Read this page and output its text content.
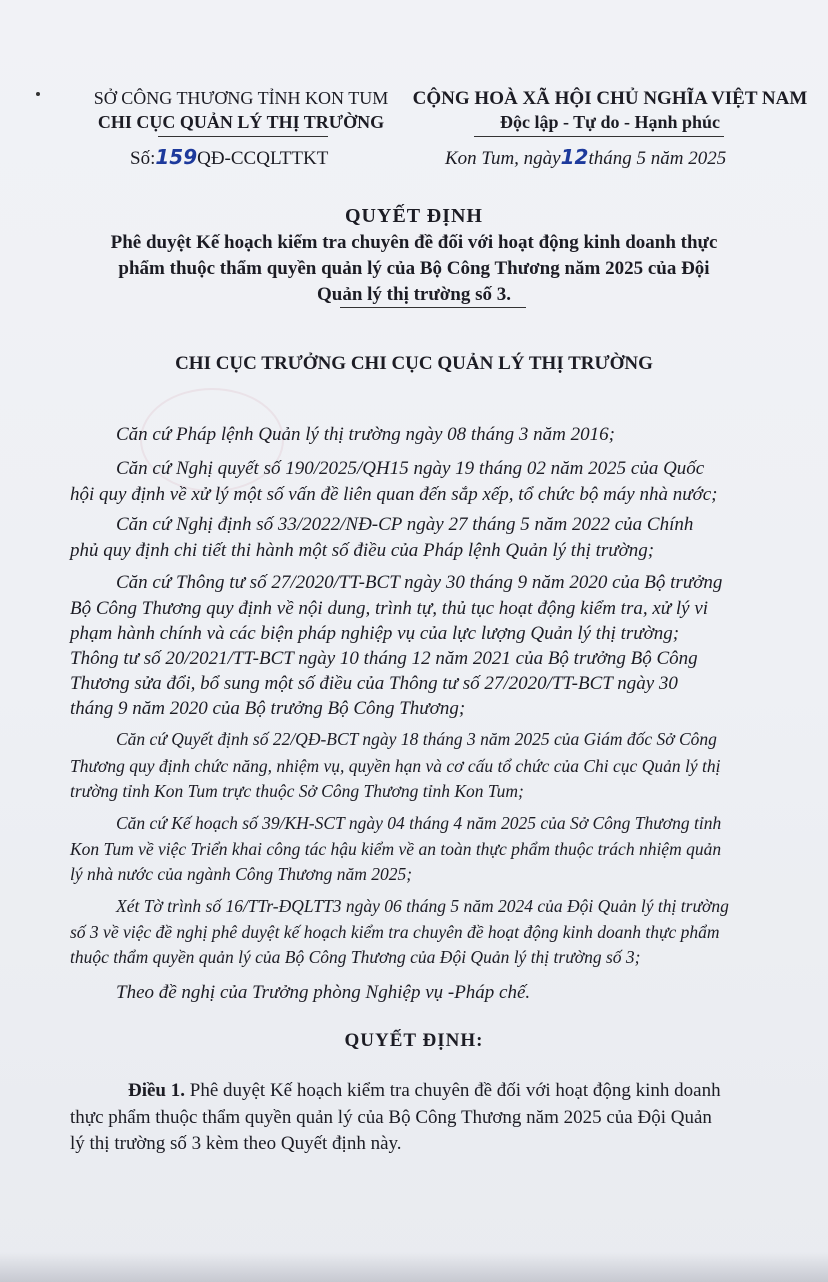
SỞ CÔNG THƯƠNG TỈNH KON TUM
CHI CỤC QUẢN LÝ THỊ TRƯỜNG
CỘNG HOÀ XÃ HỘI CHỦ NGHĨA VIỆT NAM
Độc lập - Tự do - Hạnh phúc
Số:159QĐ-CCQLTTKT	Kon Tum, ngày12tháng 5 năm 2025
QUYẾT ĐỊNH
Phê duyệt Kế hoạch kiểm tra chuyên đề đối với hoạt động kinh doanh thực
phẩm thuộc thẩm quyền quản lý của Bộ Công Thương năm 2025 của Đội
Quản lý thị trường số 3.
CHI CỤC TRƯỞNG CHI CỤC QUẢN LÝ THỊ TRƯỜNG
Căn cứ Pháp lệnh Quản lý thị trường ngày 08 tháng 3 năm 2016;
Căn cứ Nghị quyết số 190/2025/QH15 ngày 19 tháng 02 năm 2025 của Quốc
hội quy định về xử lý một số vấn đề liên quan đến sắp xếp, tổ chức bộ máy nhà nước;
Căn cứ Nghị định số 33/2022/NĐ-CP ngày 27 tháng 5 năm 2022 của Chính
phủ quy định chi tiết thi hành một số điều của Pháp lệnh Quản lý thị trường;
Căn cứ Thông tư số 27/2020/TT-BCT ngày 30 tháng 9 năm 2020 của Bộ trưởng
Bộ Công Thương quy định về nội dung, trình tự, thủ tục hoạt động kiểm tra, xử lý vi
phạm hành chính và các biện pháp nghiệp vụ của lực lượng Quản lý thị trường;
Thông tư số 20/2021/TT-BCT ngày 10 tháng 12 năm 2021 của Bộ trưởng Bộ Công
Thương sửa đổi, bổ sung một số điều của Thông tư số 27/2020/TT-BCT ngày 30
tháng 9 năm 2020 của Bộ trưởng Bộ Công Thương;
Căn cứ Quyết định số 22/QĐ-BCT ngày 18 tháng 3 năm 2025 của Giám đốc Sở Công
Thương quy định chức năng, nhiệm vụ, quyền hạn và cơ cấu tổ chức của Chi cục Quản lý thị
trường tỉnh Kon Tum trực thuộc Sở Công Thương tỉnh Kon Tum;
Căn cứ Kế hoạch số 39/KH-SCT ngày 04 tháng 4 năm 2025 của Sở Công Thương tỉnh
Kon Tum về việc Triển khai công tác hậu kiểm về an toàn thực phẩm thuộc trách nhiệm quản
lý nhà nước của ngành Công Thương năm 2025;
Xét Tờ trình số 16/TTr-ĐQLTT3 ngày 06 tháng 5 năm 2024 của Đội Quản lý thị trường
số 3 về việc đề nghị phê duyệt kế hoạch kiểm tra chuyên đề hoạt động kinh doanh thực phẩm
thuộc thẩm quyền quản lý của Bộ Công Thương của Đội Quản lý thị trường số 3;
Theo đề nghị của Trưởng phòng Nghiệp vụ -Pháp chế.
QUYẾT ĐỊNH:
Điều 1. Phê duyệt Kế hoạch kiểm tra chuyên đề đối với hoạt động kinh doanh
thực phẩm thuộc thẩm quyền quản lý của Bộ Công Thương năm 2025 của Đội Quản
lý thị trường số 3 kèm theo Quyết định này.
